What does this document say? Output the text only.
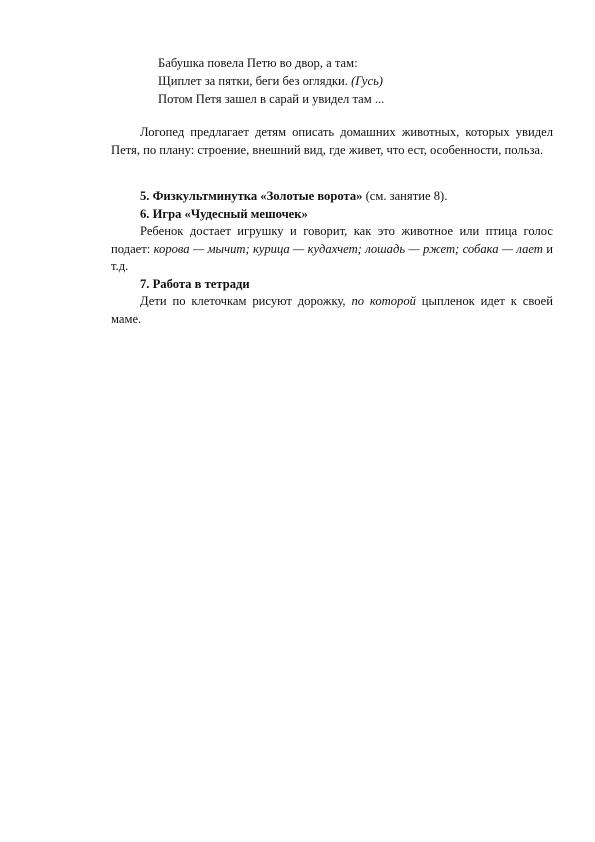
Бабушка повела Петю во двор, а там:
Щиплет за пятки, беги без оглядки. (Гусь)
Потом Петя зашел в сарай и увидел там ...

Логопед предлагает детям описать домашних животных, которых увидел Петя, по плану: строение, внешний вид, где живет, что ест, особенности, польза.

5. Физкультминутка «Золотые ворота» (см. занятие 8).

6. Игра «Чудесный мешочек»

Ребенок достает игрушку и говорит, как это животное или птица голос подает: корова — мычит; курица — кудахчет; лошадь — ржет; собака — лает и т.д.

7. Работа в тетради

Дети по клеточкам рисуют дорожку, по которой цыпленок идет к своей маме.
